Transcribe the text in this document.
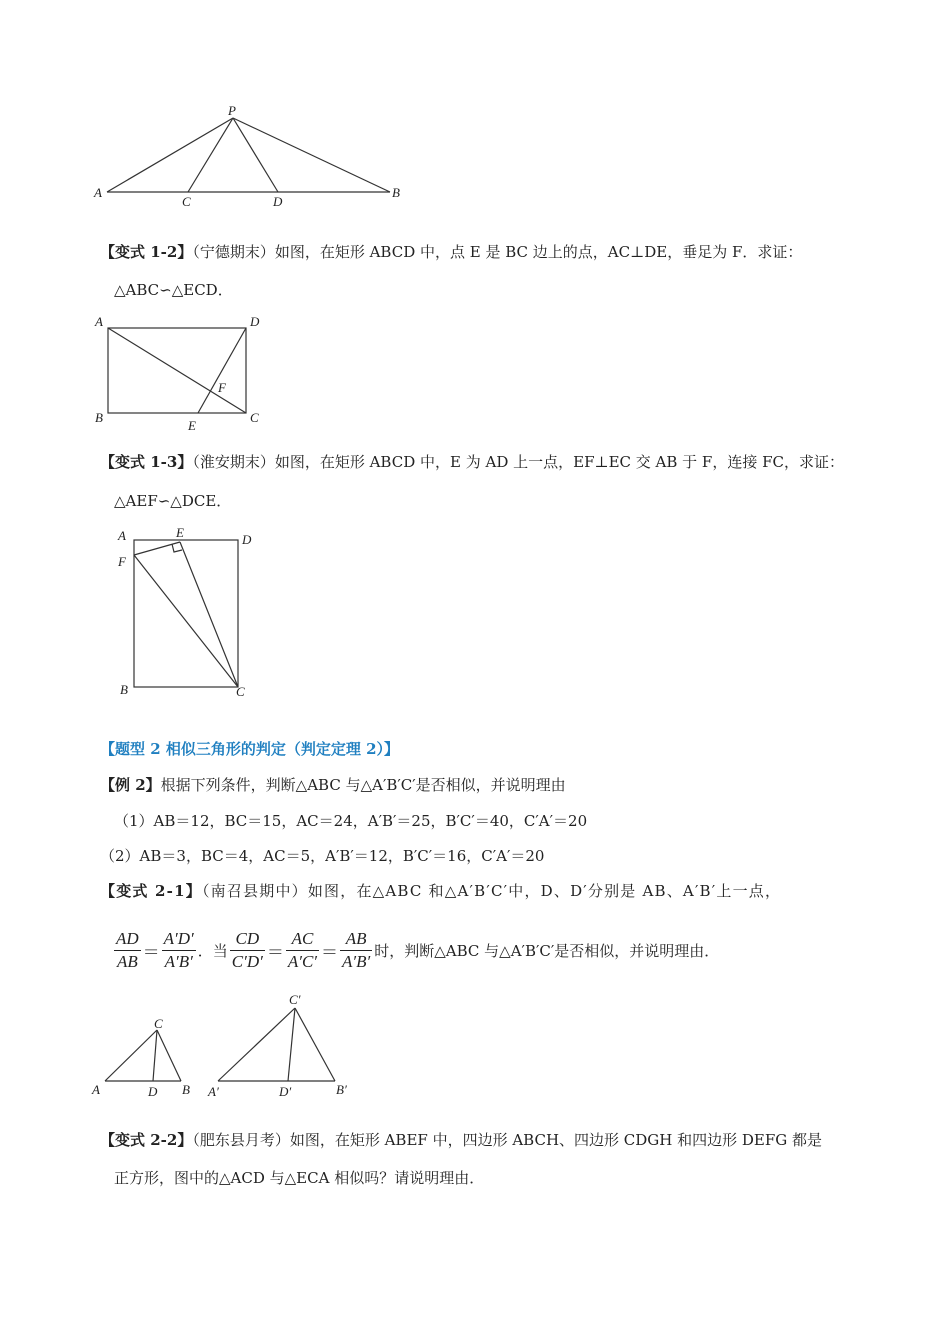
P
A
C	D
B
【变式 1-2】（宁德期末）如图，在矩形 ABCD 中，点 E 是 BC 边上的点，AC⊥DE，垂足为 F．求证：
△ABC∽△ECD．
A	D
B	C
E
F
【变式 1-3】（淮安期末）如图，在矩形 ABCD 中，E 为 AD 上一点，EF⊥EC 交 AB 于 F，连接 FC，求证：
△AEF∽△DCE．
A	E	D
F
B	C
【题型 2 相似三角形的判定（判定定理 2）】
【例 2】根据下列条件，判断△ABC 与△A′B′C′是否相似，并说明理由
（1）AB＝12，BC＝15，AC＝24，A′B′＝25，B′C′＝40，C′A′＝20
（2）AB＝3，BC＝4，AC＝5，A′B′＝12，B′C′＝16，C′A′＝20
【变式 2-1】（南召县期中）如图，在△ABC 和△A′B′C′中，D、D′分别是 AB、A′B′上一点，
$\frac{AD}{AB} = \frac{A'D'}{A'B'}$ ．当 $\frac{CD}{C'D'} = \frac{AC}{A'C'} = \frac{AB}{A'B'}$ 时，判断△ABC 与△A′B′C′是否相似，并说明理由．
A	D B
C
A′	D′	B′
C′
【变式 2-2】（肥东县月考）如图，在矩形 ABEF 中，四边形 ABCH、四边形 CDGH 和四边形 DEFG 都是
正方形，图中的△ACD 与△ECA 相似吗？请说明理由．
